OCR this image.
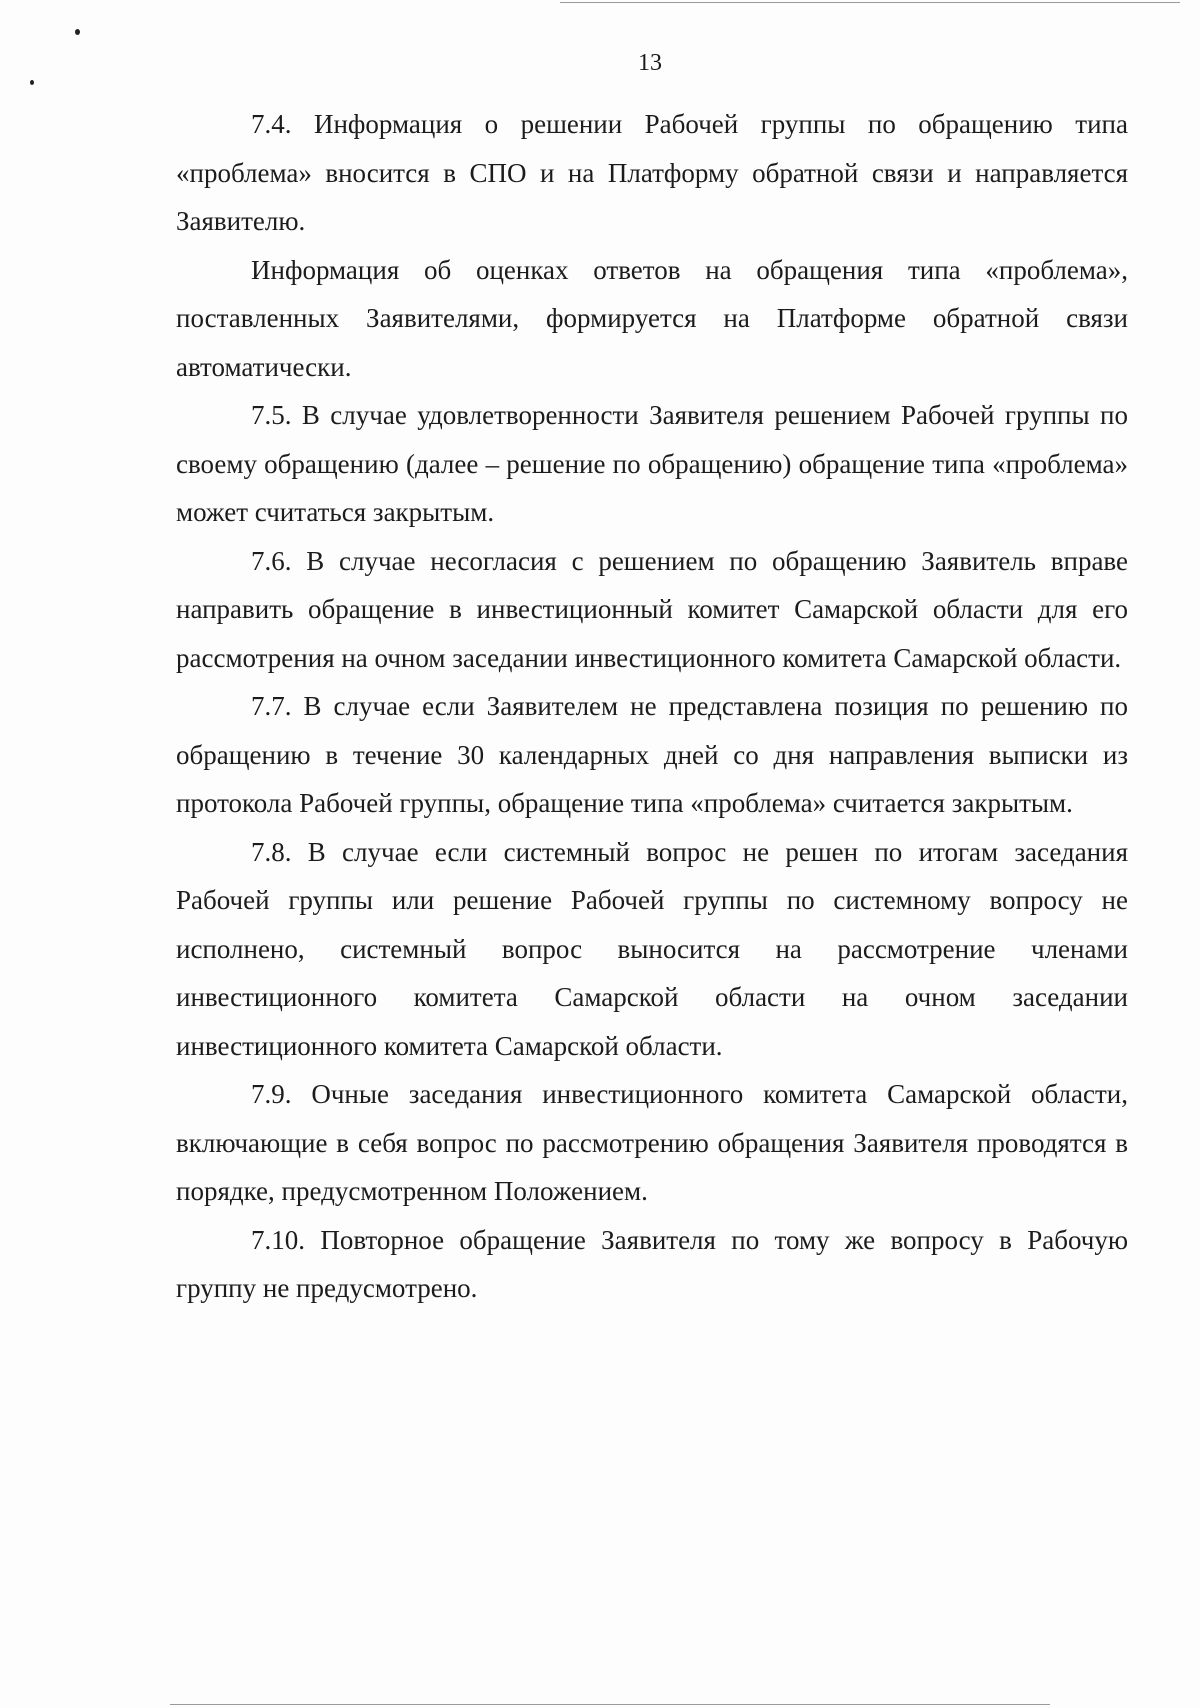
13

7.4. Информация о решении Рабочей группы по обращению типа «проблема» вносится в СПО и на Платформу обратной связи и направляется Заявителю.

Информация об оценках ответов на обращения типа «проблема», поставленных Заявителями, формируется на Платформе обратной связи автоматически.

7.5. В случае удовлетворенности Заявителя решением Рабочей группы по своему обращению (далее – решение по обращению) обращение типа «проблема» может считаться закрытым.

7.6. В случае несогласия с решением по обращению Заявитель вправе направить обращение в инвестиционный комитет Самарской области для его рассмотрения на очном заседании инвестиционного комитета Самарской области.

7.7. В случае если Заявителем не представлена позиция по решению по обращению в течение 30 календарных дней со дня направления выписки из протокола Рабочей группы, обращение типа «проблема» считается закрытым.

7.8. В случае если системный вопрос не решен по итогам заседания Рабочей группы или решение Рабочей группы по системному вопросу не исполнено, системный вопрос выносится на рассмотрение членами инвестиционного комитета Самарской области на очном заседании инвестиционного комитета Самарской области.

7.9. Очные заседания инвестиционного комитета Самарской области, включающие в себя вопрос по рассмотрению обращения Заявителя проводятся в порядке, предусмотренном Положением.

7.10. Повторное обращение Заявителя по тому же вопросу в Рабочую группу не предусмотрено.
